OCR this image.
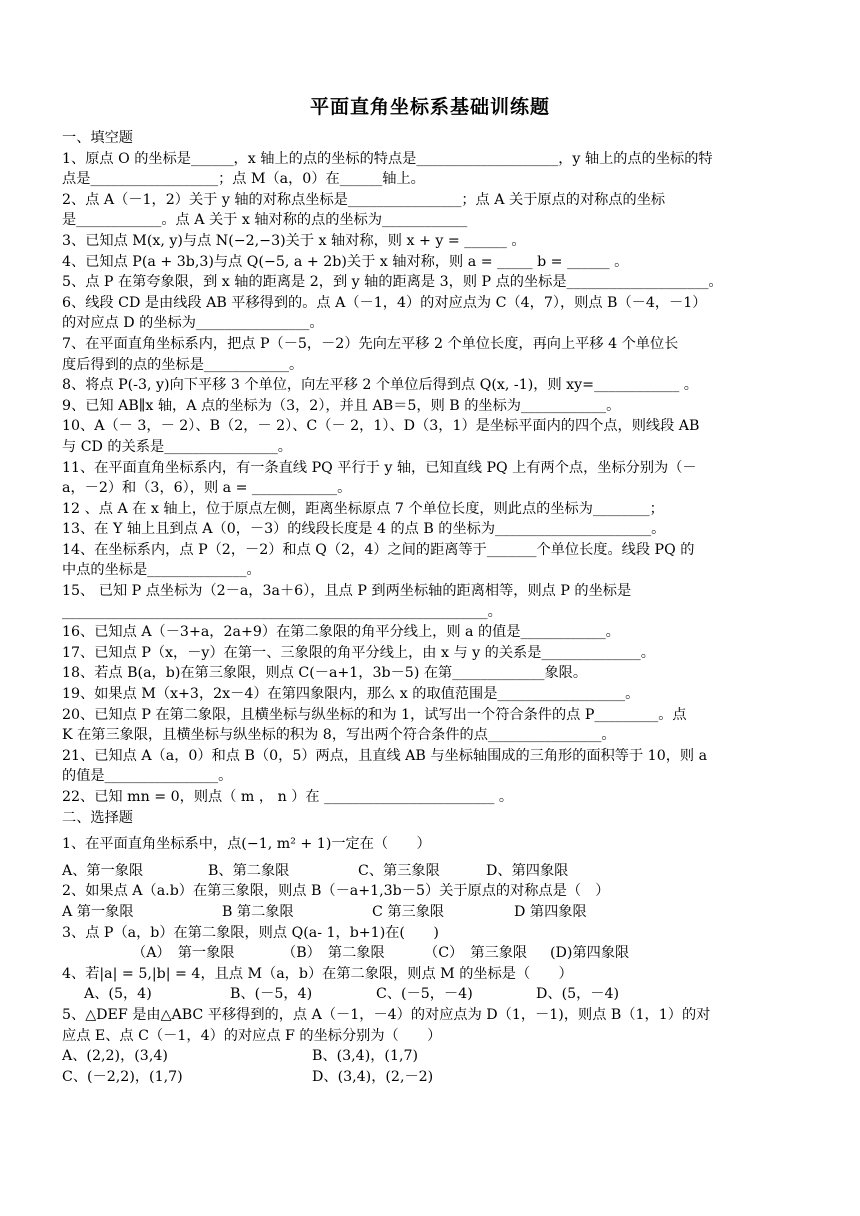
平面直角坐标系基础训练题
一、填空题
1、原点 O 的坐标是______，x 轴上的点的坐标的特点是____________________，y 轴上的点的坐标的特
点是__________________；点 M（a，0）在______轴上。
2、点 A（－1，2）关于 y 轴的对称点坐标是________________；点 A 关于原点的对称点的坐标
是____________。点 A 关于 x 轴对称的点的坐标为____________
3、已知点 M(x, y)与点 N(−2,−3)关于 x 轴对称，则 x + y = ______ 。
4、已知点 P(a + 3b,3)与点 Q(−5, a + 2b)关于 x 轴对称，则 a = _____ b = ______ 。
5、点 P 在第夸象限，到 x 轴的距离是 2，到 y 轴的距离是 3，则 P 点的坐标是____________________。
6、线段 CD 是由线段 AB 平移得到的。点 A（－1，4）的对应点为 C（4，7），则点 B（－4，－1）
的对应点 D 的坐标为________________。
7、在平面直角坐标系内，把点 P（－5，－2）先向左平移 2 个单位长度，再向上平移 4 个单位长
度后得到的点的坐标是____________。
8、将点 P(-3, y)向下平移 3 个单位，向左平移 2 个单位后得到点 Q(x, -1)，则 xy=____________ 。
9、已知 AB∥x 轴，A 点的坐标为（3，2），并且 AB＝5，则 B 的坐标为____________。
10、A（－ 3，－ 2）、B（2，－ 2）、C（－ 2，1）、D（3，1）是坐标平面内的四个点，则线段 AB
与 CD 的关系是________________。
11、在平面直角坐标系内，有一条直线 PQ 平行于 y 轴，已知直线 PQ 上有两个点，坐标分别为（－
a，－2）和（3，6），则 a = ____________。
12 、点 A 在 x 轴上，位于原点左侧，距离坐标原点 7 个单位长度，则此点的坐标为________；
13、在 Y 轴上且到点 A（0，－3）的线段长度是 4 的点 B 的坐标为______________________。
14、在坐标系内，点 P（2，－2）和点 Q（2，4）之间的距离等于_______个单位长度。线段 PQ 的
中点的坐标是______________。
15、 已知 P 点坐标为（2－a，3a＋6），且点 P 到两坐标轴的距离相等，则点 P 的坐标是
____________________________________________________________。
16、已知点 A（－3+a，2a+9）在第二象限的角平分线上，则 a 的值是____________。
17、已知点 P（x，－y）在第一、三象限的角平分线上，由 x 与 y 的关系是______________。
18、若点 B(a，b)在第三象限，则点 C(－a+1，3b－5) 在第_____________象限。
19、如果点 M（x+3，2x－4）在第四象限内，那么 x 的取值范围是__________________。
20、已知点 P 在第二象限，且横坐标与纵坐标的和为 1，试写出一个符合条件的点 P_________。点
K 在第三象限，且横坐标与纵坐标的积为 8，写出两个符合条件的点________________。
21、已知点 A（a，0）和点 B（0，5）两点，且直线 AB 与坐标轴围成的三角形的面积等于 10，则 a
的值是________________。
22、已知 mn = 0，则点（ m ， n ）在 ________________________ 。
二、选择题
1、在平面直角坐标系中，点(−1, m² + 1)一定在（　　）
A、第一象限	B、第二象限	C、第三象限	D、第四象限
2、如果点 A（a.b）在第三象限，则点 B（－a+1,3b－5）关于原点的对称点是（　）
A 第一象限	B 第二象限	C 第三象限	D 第四象限
3、点 P（a，b）在第二象限，则点 Q(a- 1，b+1)在(　　)
（A）　第一象限	（B）　第二象限	（C）　第三象限 (D)第四象限
4、若|a| = 5,|b| = 4，且点 M（a，b）在第二象限，则点 M 的坐标是（　　）
A、(5，4)	B、(－5，4)	C、(－5，－4)	D、(5，－4)
5、△DEF 是由△ABC 平移得到的，点 A（－1，－4）的对应点为 D（1，－1)，则点 B（1，1）的对
应点 E、点 C（－1，4）的对应点 F 的坐标分别为（　　）
A、(2,2)，(3,4)	B、(3,4)，(1,7)
C、(－2,2)，(1,7)	D、(3,4)，(2,－2)
